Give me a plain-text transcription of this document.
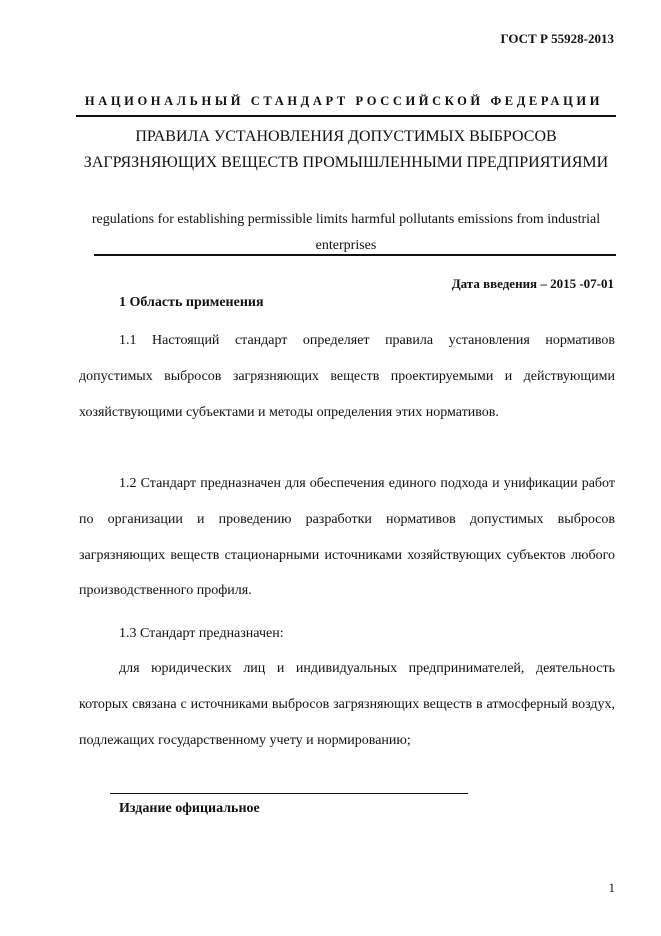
ГОСТ Р 55928-2013
НАЦИОНАЛЬНЫЙ СТАНДАРТ РОССИЙСКОЙ ФЕДЕРАЦИИ
ПРАВИЛА УСТАНОВЛЕНИЯ ДОПУСТИМЫХ ВЫБРОСОВ ЗАГРЯЗНЯЮЩИХ ВЕЩЕСТВ ПРОМЫШЛЕННЫМИ ПРЕДПРИЯТИЯМИ
regulations for establishing permissible limits harmful pollutants emissions from industrial enterprises
Дата введения – 2015 -07-01
1 Область применения
1.1 Настоящий стандарт определяет правила установления нормативов допустимых выбросов загрязняющих веществ проектируемыми и действующими хозяйствующими субъектами и методы определения этих нормативов.
1.2 Стандарт предназначен для обеспечения единого подхода и унификации работ по организации и проведению разработки нормативов допустимых выбросов загрязняющих веществ стационарными источниками хозяйствующих субъектов любого производственного профиля.
1.3 Стандарт предназначен:
для юридических лиц и индивидуальных предпринимателей, деятельность которых связана с источниками выбросов загрязняющих веществ в атмосферный воздух, подлежащих государственному учету и нормированию;
Издание официальное
1
